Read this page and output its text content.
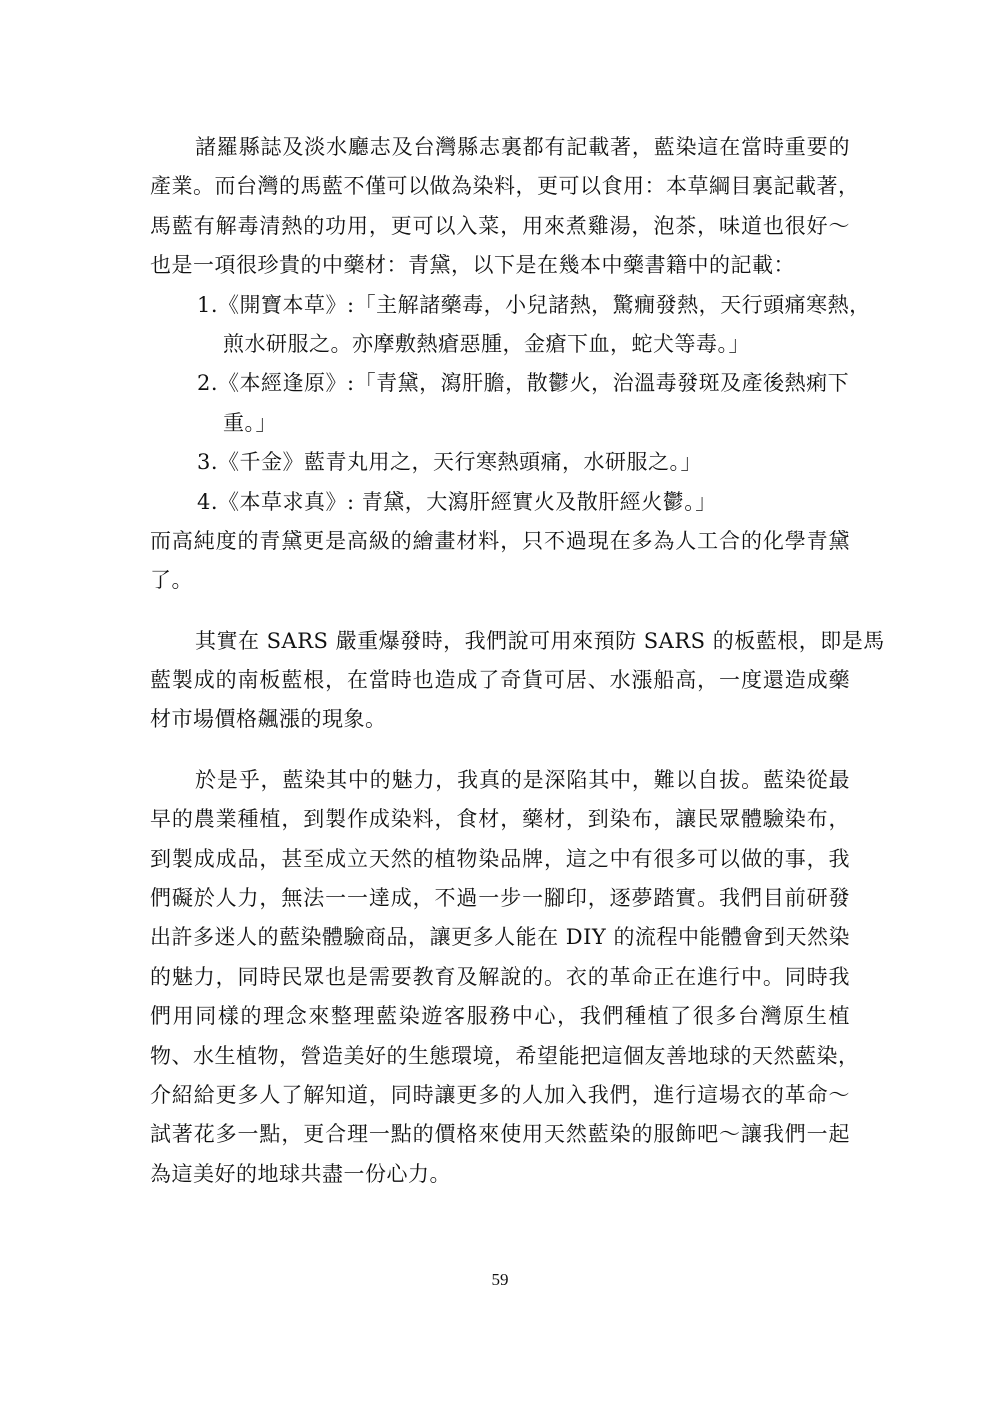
諸羅縣誌及淡水廳志及台灣縣志裏都有記載著，藍染這在當時重要的
產業。而台灣的馬藍不僅可以做為染料，更可以食用：本草綱目裏記載著，
馬藍有解毒清熱的功用，更可以入菜，用來煮雞湯，泡茶，味道也很好～
也是一項很珍貴的中藥材：青黛，以下是在幾本中藥書籍中的記載：
1.《開寶本草》:「主解諸藥毒，小兒諸熱，驚癇發熱，天行頭痛寒熱，
煎水研服之。亦摩敷熱瘡惡腫，金瘡下血，蛇犬等毒。」
2.《本經逢原》:「青黛，瀉肝膽，散鬱火，治溫毒發斑及產後熱痢下
重。」
3.《千金》藍青丸用之，天行寒熱頭痛，水研服之。」
4.《本草求真》: 青黛，大瀉肝經實火及散肝經火鬱。」
而高純度的青黛更是高級的繪畫材料，只不過現在多為人工合的化學青黛
了。
其實在 SARS 嚴重爆發時，我們說可用來預防 SARS 的板藍根，即是馬
藍製成的南板藍根，在當時也造成了奇貨可居、水漲船高，一度還造成藥
材市場價格飆漲的現象。
於是乎，藍染其中的魅力，我真的是深陷其中，難以自拔。藍染從最
早的農業種植，到製作成染料，食材，藥材，到染布，讓民眾體驗染布，
到製成成品，甚至成立天然的植物染品牌，這之中有很多可以做的事，我
們礙於人力，無法一一達成，不過一步一腳印，逐夢踏實。我們目前研發
出許多迷人的藍染體驗商品，讓更多人能在 DIY 的流程中能體會到天然染
的魅力，同時民眾也是需要教育及解說的。衣的革命正在進行中。同時我
們用同樣的理念來整理藍染遊客服務中心，我們種植了很多台灣原生植
物、水生植物，營造美好的生態環境，希望能把這個友善地球的天然藍染，
介紹給更多人了解知道，同時讓更多的人加入我們，進行這場衣的革命～
試著花多一點，更合理一點的價格來使用天然藍染的服飾吧～讓我們一起
為這美好的地球共盡一份心力。
59
